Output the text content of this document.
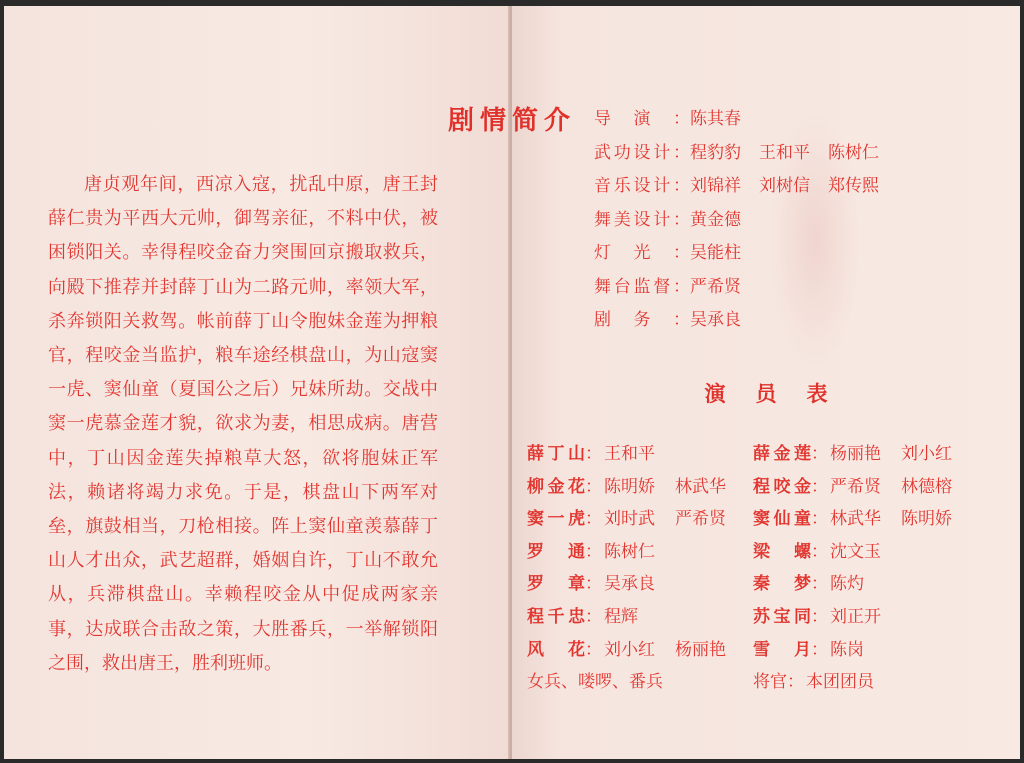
剧情简介
唐贞观年间，西凉入寇，扰乱中原，唐王封薛仁贵为平西大元帅，御驾亲征，不料中伏，被困锁阳关。幸得程咬金奋力突围回京搬取救兵，向殿下推荐并封薛丁山为二路元帅，率领大军，杀奔锁阳关救驾。帐前薛丁山令胞妹金莲为押粮官，程咬金当监护，粮车途经棋盘山，为山寇窦一虎、窦仙童（夏国公之后）兄妹所劫。交战中窦一虎慕金莲才貌，欲求为妻，相思成病。唐营中，丁山因金莲失掉粮草大怒，欲将胞妹正军法，赖诸将竭力求免。于是，棋盘山下两军对垒，旗鼓相当，刀枪相接。阵上窦仙童羡慕薛丁山人才出众，武艺超群，婚姻自许，丁山不敢允从，兵滞棋盘山。幸赖程咬金从中促成两家亲事，达成联合击敌之策，大胜番兵，一举解锁阳之围，救出唐王，胜利班师。
导演：陈其春
武功设计：程豹豹 王和平 陈树仁
音乐设计：刘锦祥 刘树信 郑传熙
舞美设计：黄金德
灯光：吴能柱
舞台监督：严希贤
剧务：吴承良
演员表
薛丁山： 王和平	薛金莲： 杨丽艳 刘小红
柳金花： 陈明娇 林武华	程咬金： 严希贤 林德榕
窦一虎： 刘时武 严希贤	窦仙童： 林武华 陈明娇
罗通： 陈树仁	梁螺： 沈文玉
罗章： 吴承良	秦梦： 陈灼
程千忠： 程辉	苏宝同： 刘正开
风花： 刘小红 杨丽艳	雪月： 陈岗
女兵、喽啰、番兵	将官： 本团团员
